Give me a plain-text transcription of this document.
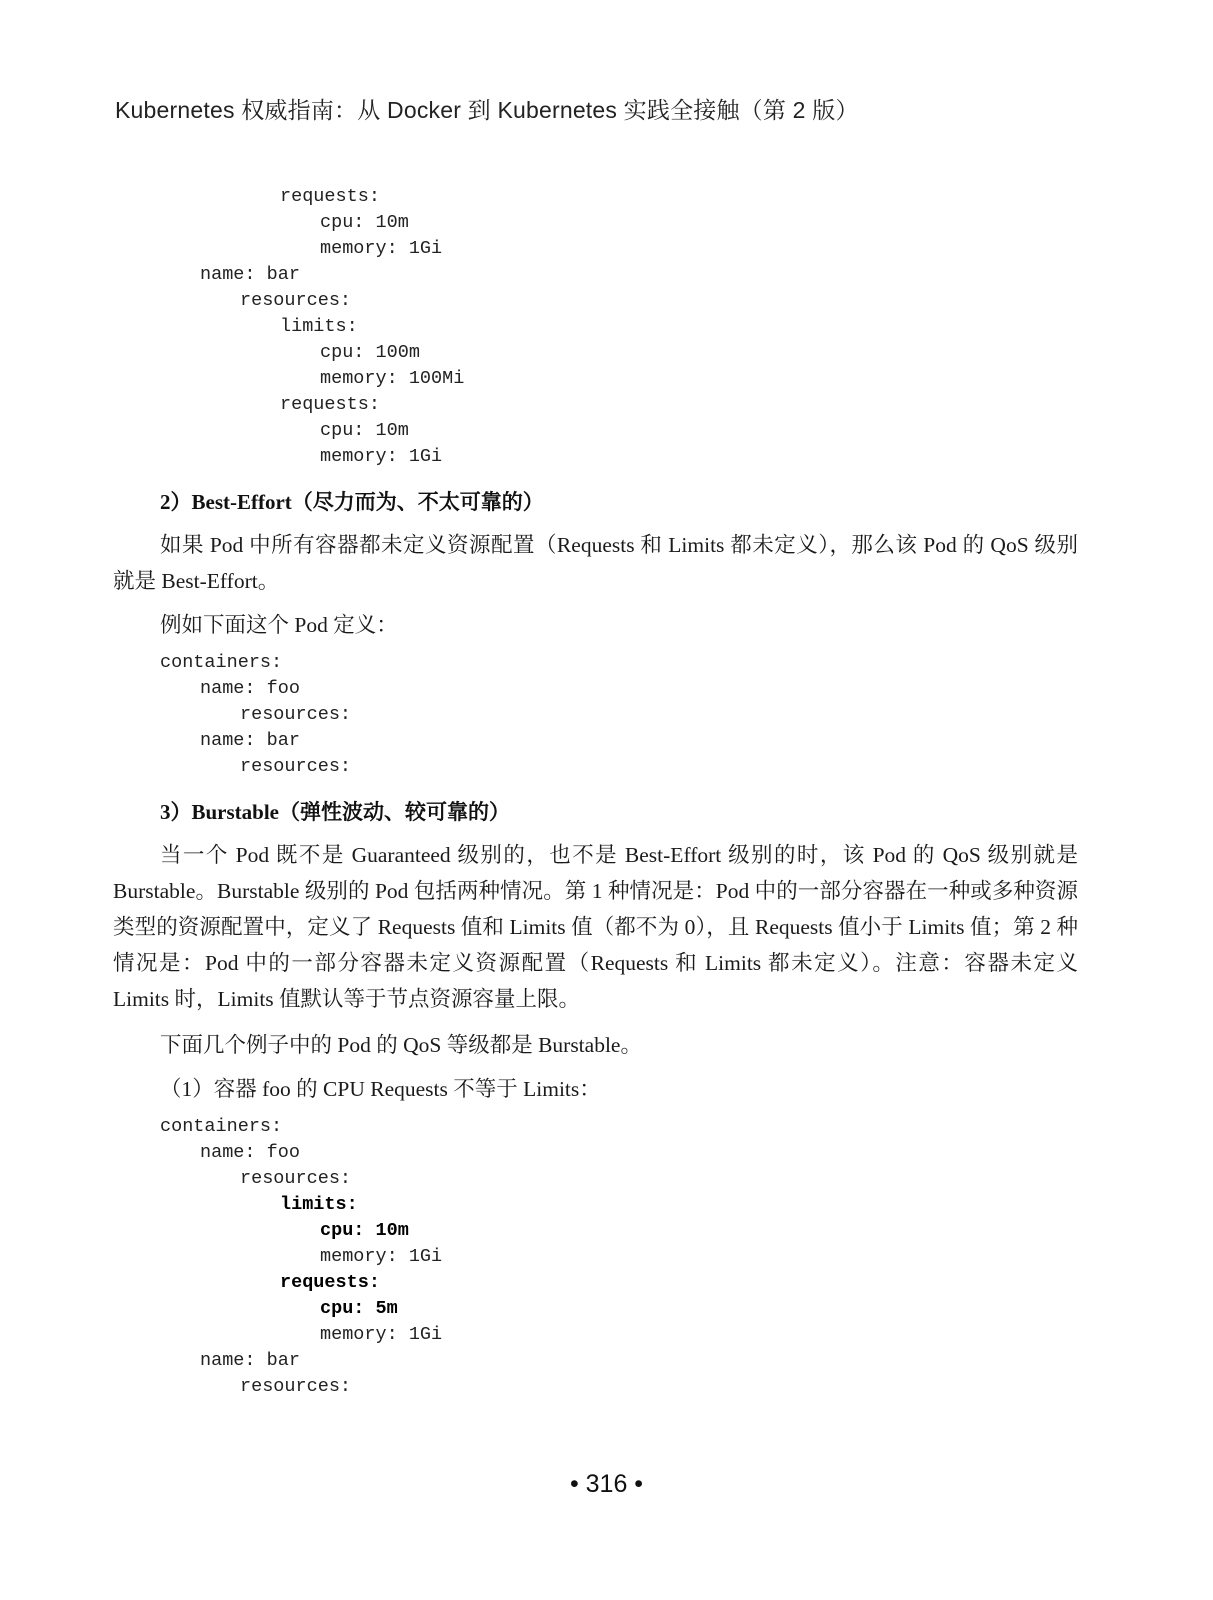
Kubernetes 权威指南：从 Docker 到 Kubernetes 实践全接触（第 2 版）
requests:
cpu: 10m
memory: 1Gi
name: bar
resources:
limits:
cpu: 100m
memory: 100Mi
requests:
cpu: 10m
memory: 1Gi
2）Best-Effort（尽力而为、不太可靠的）
如果 Pod 中所有容器都未定义资源配置（Requests 和 Limits 都未定义），那么该 Pod 的 QoS 级别就是 Best-Effort。
例如下面这个 Pod 定义：
containers:
name: foo
resources:
name: bar
resources:
3）Burstable（弹性波动、较可靠的）
当一个 Pod 既不是 Guaranteed 级别的，也不是 Best-Effort 级别的时，该 Pod 的 QoS 级别就是 Burstable。Burstable 级别的 Pod 包括两种情况。第 1 种情况是：Pod 中的一部分容器在一种或多种资源类型的资源配置中，定义了 Requests 值和 Limits 值（都不为 0），且 Requests 值小于 Limits 值；第 2 种情况是：Pod 中的一部分容器未定义资源配置（Requests 和 Limits 都未定义）。注意：容器未定义 Limits 时，Limits 值默认等于节点资源容量上限。
下面几个例子中的 Pod 的 QoS 等级都是 Burstable。
（1）容器 foo 的 CPU Requests 不等于 Limits：
containers:
name: foo
resources:
limits:
cpu: 10m
memory: 1Gi
requests:
cpu: 5m
memory: 1Gi
name: bar
resources:
• 316 •
